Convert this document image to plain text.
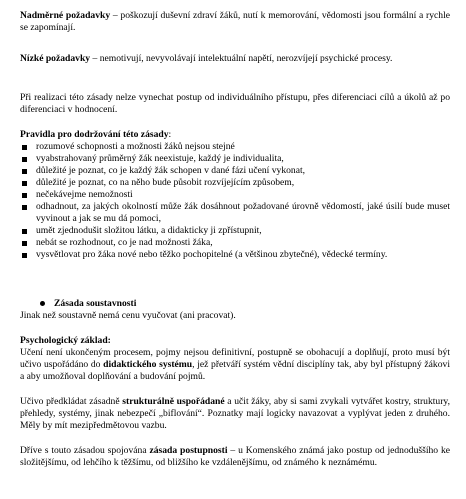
Nadměrné požadavky – poškozují duševní zdraví žáků, nutí k memorování, vědomosti jsou formální a rychle se zapomínají.

Nízké požadavky – nemotivují, nevyvolávají intelektuální napětí, nerozvíjejí psychické procesy.

Při realizaci této zásady nelze vynechat postup od individuálního přístupu, přes diferenciaci cílů a úkolů až po diferenciaci v hodnocení.

Pravidla pro dodržování této zásady:

rozumové schopnosti a možnosti žáků nejsou stejné
vyabstrahovaný průměrný žák neexistuje, každý je individualita,
důležité je poznat, co je každý žák schopen v dané fázi učení vykonat,
důležité je poznat, co na něho bude působit rozvíjejícím způsobem,
nečekávejme nemožnosti
odhadnout, za jakých okolností může žák dosáhnout požadované úrovně vědomostí, jaké úsilí bude muset vyvinout a jak se mu dá pomoci,
umět zjednodušit složitou látku, a didakticky ji zpřístupnit,
nebát se rozhodnout, co je nad možnosti žáka,
vysvětlovat pro žáka nové nebo těžko pochopitelné (a většinou zbytečné), vědecké termíny.

Zásada soustavnosti

Jinak než soustavně nemá cenu vyučovat (ani pracovat).

Psychologický základ:

Učení není ukončeným procesem, pojmy nejsou definitivní, postupně se obohacují a doplňují, proto musí být učivo uspořádáno do didaktického systému, jež přetváří systém vědní disciplíny tak, aby byl přístupný žákovi a aby umožňoval doplňování a budování pojmů.

Učivo předkládat zásadně strukturálně uspořádané a učit žáky, aby si sami zvykali vytvářet kostry, struktury, přehledy, systémy, jinak nebezpečí „biflování“. Poznatky mají logicky navazovat a vyplývat jeden z druhého. Měly by mít mezipředmětovou vazbu.

Dříve s touto zásadou spojována zásada postupnosti – u Komenského známá jako postup od jednoduššího ke složitějšímu, od lehčího k těžšímu, od bližšího ke vzdálenějšímu, od známého k neznámému.
